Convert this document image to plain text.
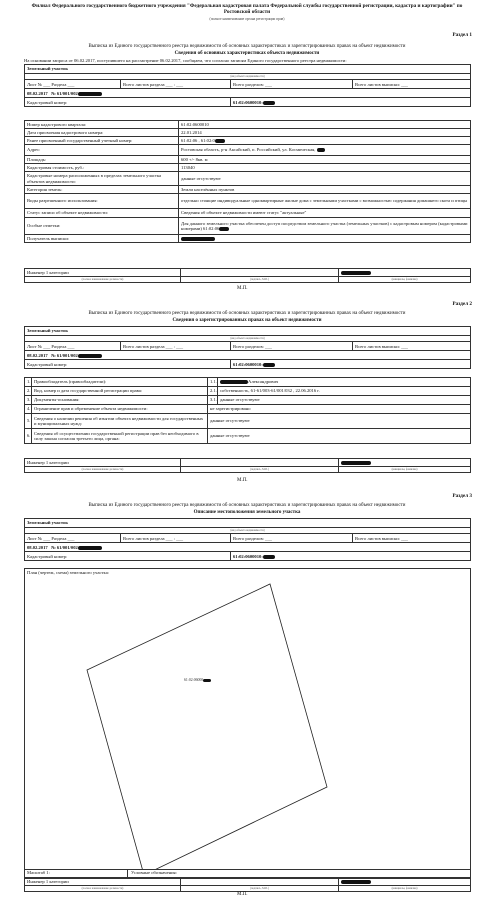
Филиал Федерального государственного бюджетного учреждения "Федеральная кадастровая палата Федеральной службы государственной регистрации, кадастра и картографии" по Ростовской области
(полное наименование органа регистрации прав)
Раздел 1
Выписка из Единого государственного реестра недвижимости об основных характеристиках и зарегистрированных правах на объект недвижимости
Сведения об основных характеристиках объекта недвижимости
На основании запроса от 06.02.2017, поступившего на рассмотрение 06.02.2017, сообщаем, что согласно записям Единого государственного реестра недвижимости:
Земельный участок			
(вид объекта недвижимости)			
Лист № ___ Раздела ___	Всего листов раздела ___ : ___	Всего разделов: ___	Всего листов выписки: ___
08.02.2017 № 61/001/002			
Кадастровый номер:		61:02:0600010:	
Номер кадастрового квартала:	61:02:0600010
Дата присвоения кадастрового номера:	22.01.2014
Ранее присвоенный государственный учетный номер:	61:02:06 , 61:02:0
Адрес:	Ростовская область, р-н Аксайский, п. Российский, ул. Космическая,
Площадь:	600 +/- 8кв. м
Кадастровая стоимость, руб.:	113040
Кадастровые номера расположенных в пределах земельного участка объектов недвижимости:	данные отсутствуют
Категория земель:	Земли населённых пунктов
Виды разрешенного использования:	отдельно стоящие индивидуальные одноквартирные жилые дома с земельными участками с возможностью содержания домашнего скота и птицы
Статус записи об объекте недвижимости:	Сведения об объекте недвижимости имеют статус "актуальные"
Особые отметки:	Для данного земельного участка обеспечен доступ посредством земельного участка (земельных участков) с кадастровым номером (кадастровыми номерами) 61:02:06
Получатель выписки:	
Инженер 1 категории		
(полное наименование должности)	(подпись, М.П.)	(инициалы, фамилия)
М.П.
Раздел 2
Выписка из Единого государственного реестра недвижимости об основных характеристиках и зарегистрированных правах на объект недвижимости
Сведения о зарегистрированных правах на объект недвижимости
Земельный участок			
(вид объекта недвижимости)			
Лист № ___ Раздела ___	Всего листов раздела ___ : ___	Всего разделов: ___	Всего листов выписки: ___
08.02.2017 № 61/001/002			
Кадастровый номер:		61:02:0600010:	
1.	Правообладатель (правообладатели):	1.1.	Александрович
2.	Вид, номер и дата государственной регистрации права:	2.1.	собственность, 61-61/003-61/001/032 , 22.06.2016 г.
3.	Документы-основания:	3.1.	данные отсутствуют
4.	Ограничение прав и обременение объекта недвижимости:	не зарегистрировано	
5.	Сведения о наличии решения об изъятии объекта недвижимости для государственных и муниципальных нужд:	данные отсутствуют	
6.	Сведения об осуществлении государственной регистрации прав без необходимого в силу закона согласия третьего лица, органа:	данные отсутствуют	
Инженер 1 категории		
(полное наименование должности)	(подпись, М.П.)	(инициалы, фамилия)
М.П.
Раздел 3
Выписка из Единого государственного реестра недвижимости об основных характеристиках и зарегистрированных правах на объект недвижимости
Описание местоположения земельного участка
Земельный участок			
(вид объекта недвижимости)			
Лист № ___ Раздела ___	Всего листов раздела ___ : ___	Всего разделов: ___	Всего листов выписки: ___
08.02.2017 № 61/001/002			
Кадастровый номер:		61:02:0600010:	
План (чертеж, схема) земельного участка:
61:02:06000
Масштаб 1:	Условные обозначения:
Инженер 1 категории		
(полное наименование должности)	(подпись, М.П.)	(инициалы, фамилия)
М.П.
